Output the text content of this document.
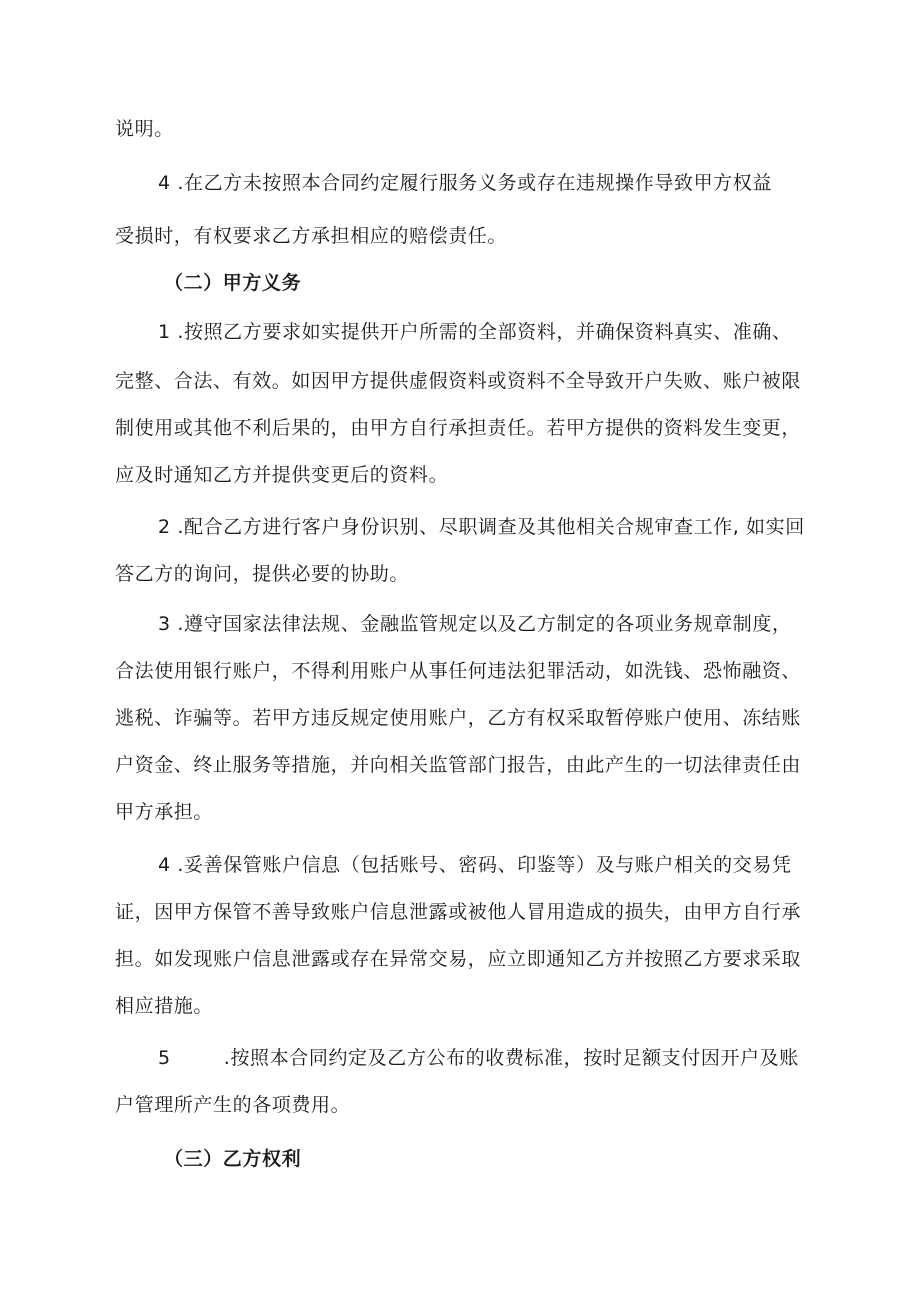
说明。
4 .在乙方未按照本合同约定履行服务义务或存在违规操作导致甲方权益
受损时，有权要求乙方承担相应的赔偿责任。
（二）甲方义务
1 .按照乙方要求如实提供开户所需的全部资料，并确保资料真实、准确、
完整、合法、有效。如因甲方提供虚假资料或资料不全导致开户失败、账户被限
制使用或其他不利后果的，由甲方自行承担责任。若甲方提供的资料发生变更，
应及时通知乙方并提供变更后的资料。
2 .配合乙方进行客户身份识别、尽职调查及其他相关合规审查工作, 如实回
答乙方的询问，提供必要的协助。
3 .遵守国家法律法规、金融监管规定以及乙方制定的各项业务规章制度，
合法使用银行账户，不得利用账户从事任何违法犯罪活动，如洗钱、恐怖融资、
逃税、诈骗等。若甲方违反规定使用账户，乙方有权采取暂停账户使用、冻结账
户资金、终止服务等措施，并向相关监管部门报告，由此产生的一切法律责任由
甲方承担。
4 .妥善保管账户信息（包括账号、密码、印鉴等）及与账户相关的交易凭
证，因甲方保管不善导致账户信息泄露或被他人冒用造成的损失，由甲方自行承
担。如发现账户信息泄露或存在异常交易，应立即通知乙方并按照乙方要求采取
相应措施。
5        .按照本合同约定及乙方公布的收费标准，按时足额支付因开户及账
户管理所产生的各项费用。
（三）乙方权利
